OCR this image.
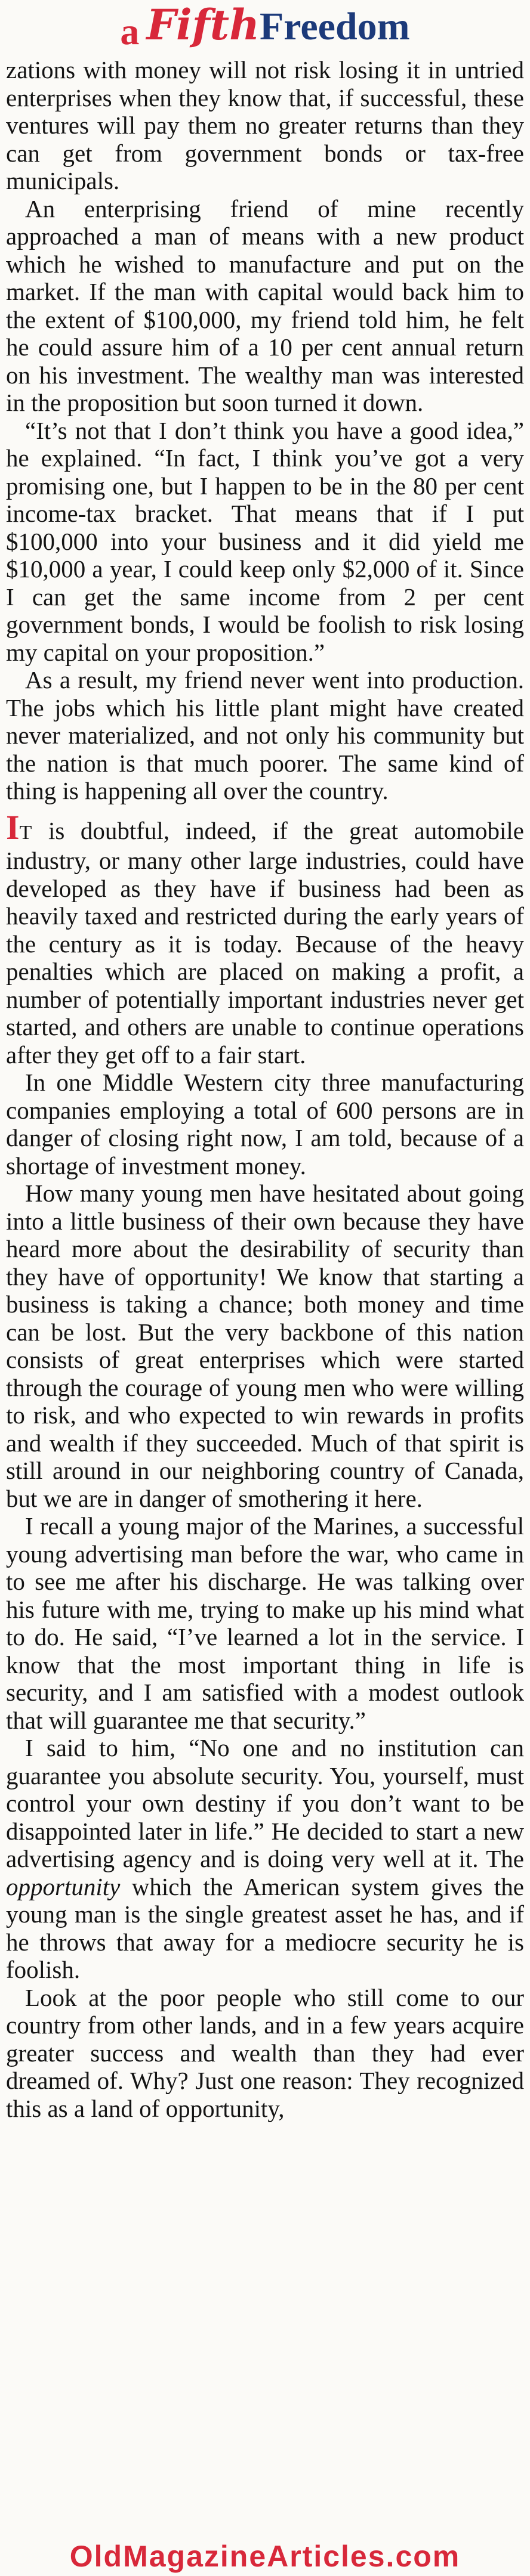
a FifthFreedom

zations with money will not risk losing it in untried enterprises when they know that, if successful, these ventures will pay them no greater returns than they can get from government bonds or tax-free municipals.

An enterprising friend of mine recently approached a man of means with a new product which he wished to manufacture and put on the market. If the man with capital would back him to the extent of $100,000, my friend told him, he felt he could assure him of a 10 per cent annual return on his investment. The wealthy man was interested in the proposition but soon turned it down.

“It’s not that I don’t think you have a good idea,” he explained. “In fact, I think you’ve got a very promising one, but I happen to be in the 80 per cent income-tax bracket. That means that if I put $100,000 into your business and it did yield me $10,000 a year, I could keep only $2,000 of it. Since I can get the same income from 2 per cent government bonds, I would be foolish to risk losing my capital on your proposition.”

As a result, my friend never went into production. The jobs which his little plant might have created never materialized, and not only his community but the nation is that much poorer. The same kind of thing is happening all over the country.

IT is doubtful, indeed, if the great automobile industry, or many other large industries, could have developed as they have if business had been as heavily taxed and restricted during the early years of the century as it is today. Because of the heavy penalties which are placed on making a profit, a number of potentially important industries never get started, and others are unable to continue operations after they get off to a fair start.

In one Middle Western city three manufacturing companies employing a total of 600 persons are in danger of closing right now, I am told, because of a shortage of investment money.

How many young men have hesitated about going into a little business of their own because they have heard more about the desirability of security than they have of opportunity! We know that starting a business is taking a chance; both money and time can be lost. But the very backbone of this nation consists of great enterprises which were started through the courage of young men who were willing to risk, and who expected to win rewards in profits and wealth if they succeeded. Much of that spirit is still around in our neighboring country of Canada, but we are in danger of smothering it here.

I recall a young major of the Marines, a successful young advertising man before the war, who came in to see me after his discharge. He was talking over his future with me, trying to make up his mind what to do. He said, “I’ve learned a lot in the service. I know that the most important thing in life is security, and I am satisfied with a modest outlook that will guarantee me that security.”

I said to him, “No one and no institution can guarantee you absolute security. You, yourself, must control your own destiny if you don’t want to be disappointed later in life.” He decided to start a new advertising agency and is doing very well at it. The opportunity which the American system gives the young man is the single greatest asset he has, and if he throws that away for a mediocre security he is foolish.

Look at the poor people who still come to our country from other lands, and in a few years acquire greater success and wealth than they had ever dreamed of. Why? Just one reason: They recognized this as a land of opportunity,

OldMagazineArticles.com
